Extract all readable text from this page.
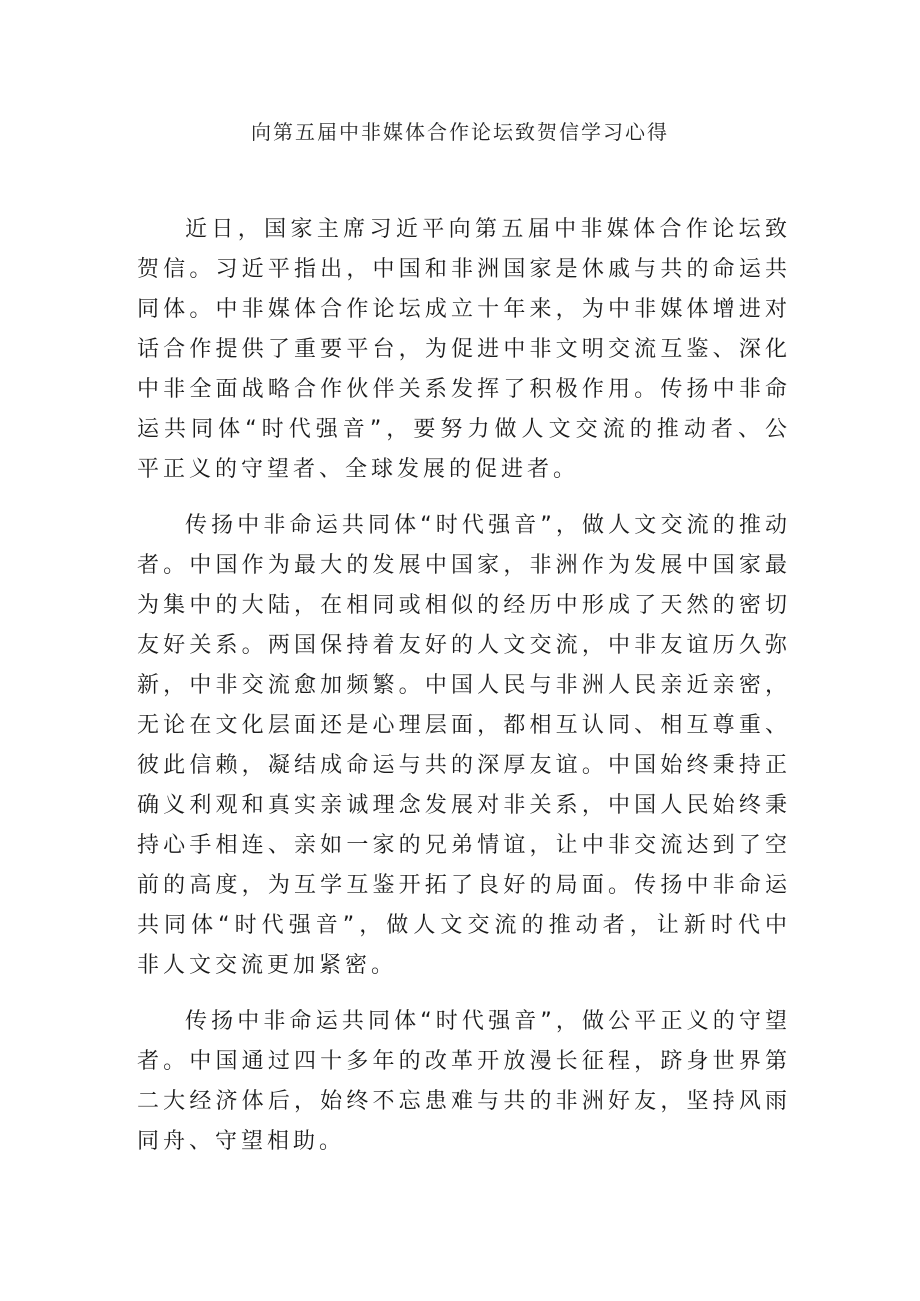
向第五届中非媒体合作论坛致贺信学习心得

近日，国家主席习近平向第五届中非媒体合作论坛致贺信。习近平指出，中国和非洲国家是休戚与共的命运共同体。中非媒体合作论坛成立十年来，为中非媒体增进对话合作提供了重要平台，为促进中非文明交流互鉴、深化中非全面战略合作伙伴关系发挥了积极作用。传扬中非命运共同体“时代强音”，要努力做人文交流的推动者、公平正义的守望者、全球发展的促进者。

传扬中非命运共同体“时代强音”，做人文交流的推动者。中国作为最大的发展中国家，非洲作为发展中国家最为集中的大陆，在相同或相似的经历中形成了天然的密切友好关系。两国保持着友好的人文交流，中非友谊历久弥新，中非交流愈加频繁。中国人民与非洲人民亲近亲密，无论在文化层面还是心理层面，都相互认同、相互尊重、彼此信赖，凝结成命运与共的深厚友谊。中国始终秉持正确义利观和真实亲诚理念发展对非关系，中国人民始终秉持心手相连、亲如一家的兄弟情谊，让中非交流达到了空前的高度，为互学互鉴开拓了良好的局面。传扬中非命运共同体“时代强音”，做人文交流的推动者，让新时代中非人文交流更加紧密。

传扬中非命运共同体“时代强音”，做公平正义的守望者。中国通过四十多年的改革开放漫长征程，跻身世界第二大经济体后，始终不忘患难与共的非洲好友，坚持风雨同舟、守望相助。
